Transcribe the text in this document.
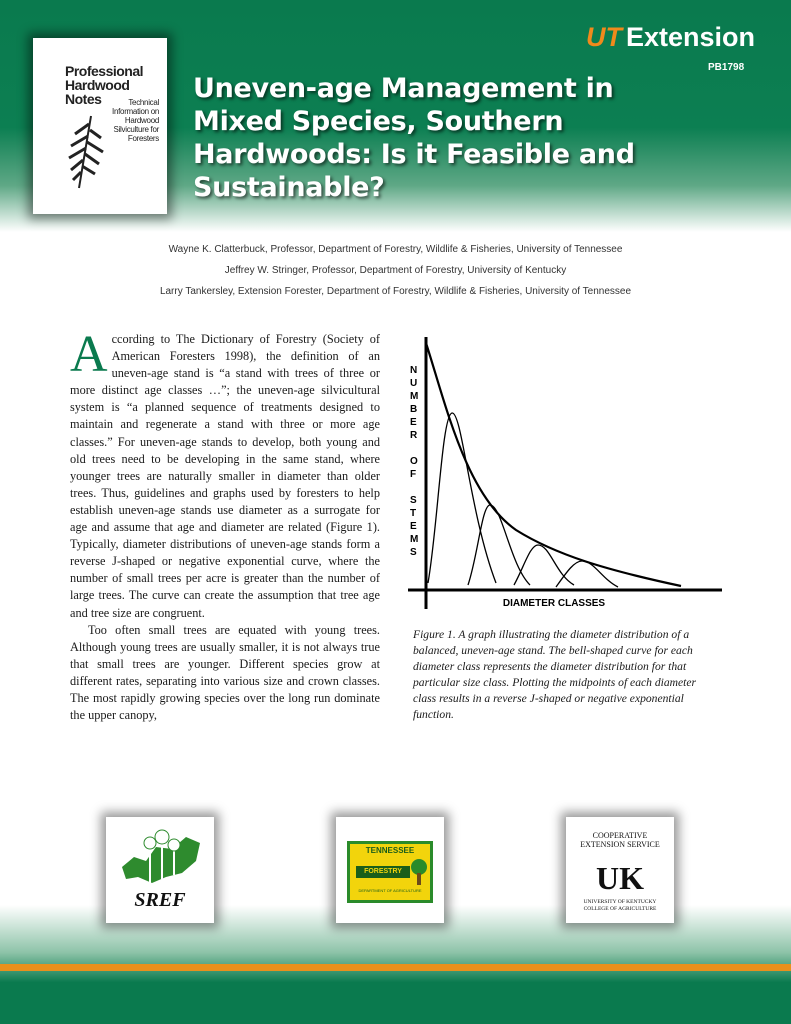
Professional
Hardwood
Notes	Technical Information on Hardwood Silviculture for Foresters
UT Extension
PB1798
Uneven-age Management in Mixed Species, Southern Hardwoods: Is it Feasible and Sustainable?
Wayne K. Clatterbuck, Professor, Department of Forestry, Wildlife & Fisheries, University of Tennessee
Jeffrey W. Stringer, Professor, Department of Forestry, University of Kentucky
Larry Tankersley, Extension Forester, Department of Forestry, Wildlife & Fisheries, University of Tennessee

According to The Dictionary of Forestry (Society of American Foresters 1998), the definition of an uneven-age stand is “a stand with trees of three or more distinct age classes …”; the uneven-age silvicultural system is “a planned sequence of treatments designed to maintain and regenerate a stand with three or more age classes.” For uneven-age stands to develop, both young and old trees need to be developing in the same stand, where younger trees are naturally smaller in diameter than older trees. Thus, guidelines and graphs used by foresters to help establish uneven-age stands use diameter as a surrogate for age and assume that age and diameter are related (Figure 1). Typically, diameter distributions of uneven-age stands form a reverse J-shaped or negative exponential curve, where the number of small trees per acre is greater than the number of large trees. The curve can create the assumption that tree age and tree size are congruent.

Too often small trees are equated with young trees. Although young trees are usually smaller, it is not always true that small trees are younger. Different species grow at different rates, separating into various size and crown classes. The most rapidly growing species over the long run dominate the upper canopy,

N U M B E R O F S T E M S
DIAMETER CLASSES
Figure 1. A graph illustrating the diameter distribution of a balanced, uneven-age stand. The bell-shaped curve for each diameter class represents the diameter distribution for that particular size class. Plotting the midpoints of each diameter class results in a reverse J-shaped or negative exponential function.
SREF
TENNESSEE
FORESTRY
DEPARTMENT OF AGRICULTURE
COOPERATIVE EXTENSION SERVICE
UK
UNIVERSITY OF KENTUCKY COLLEGE OF AGRICULTURE
